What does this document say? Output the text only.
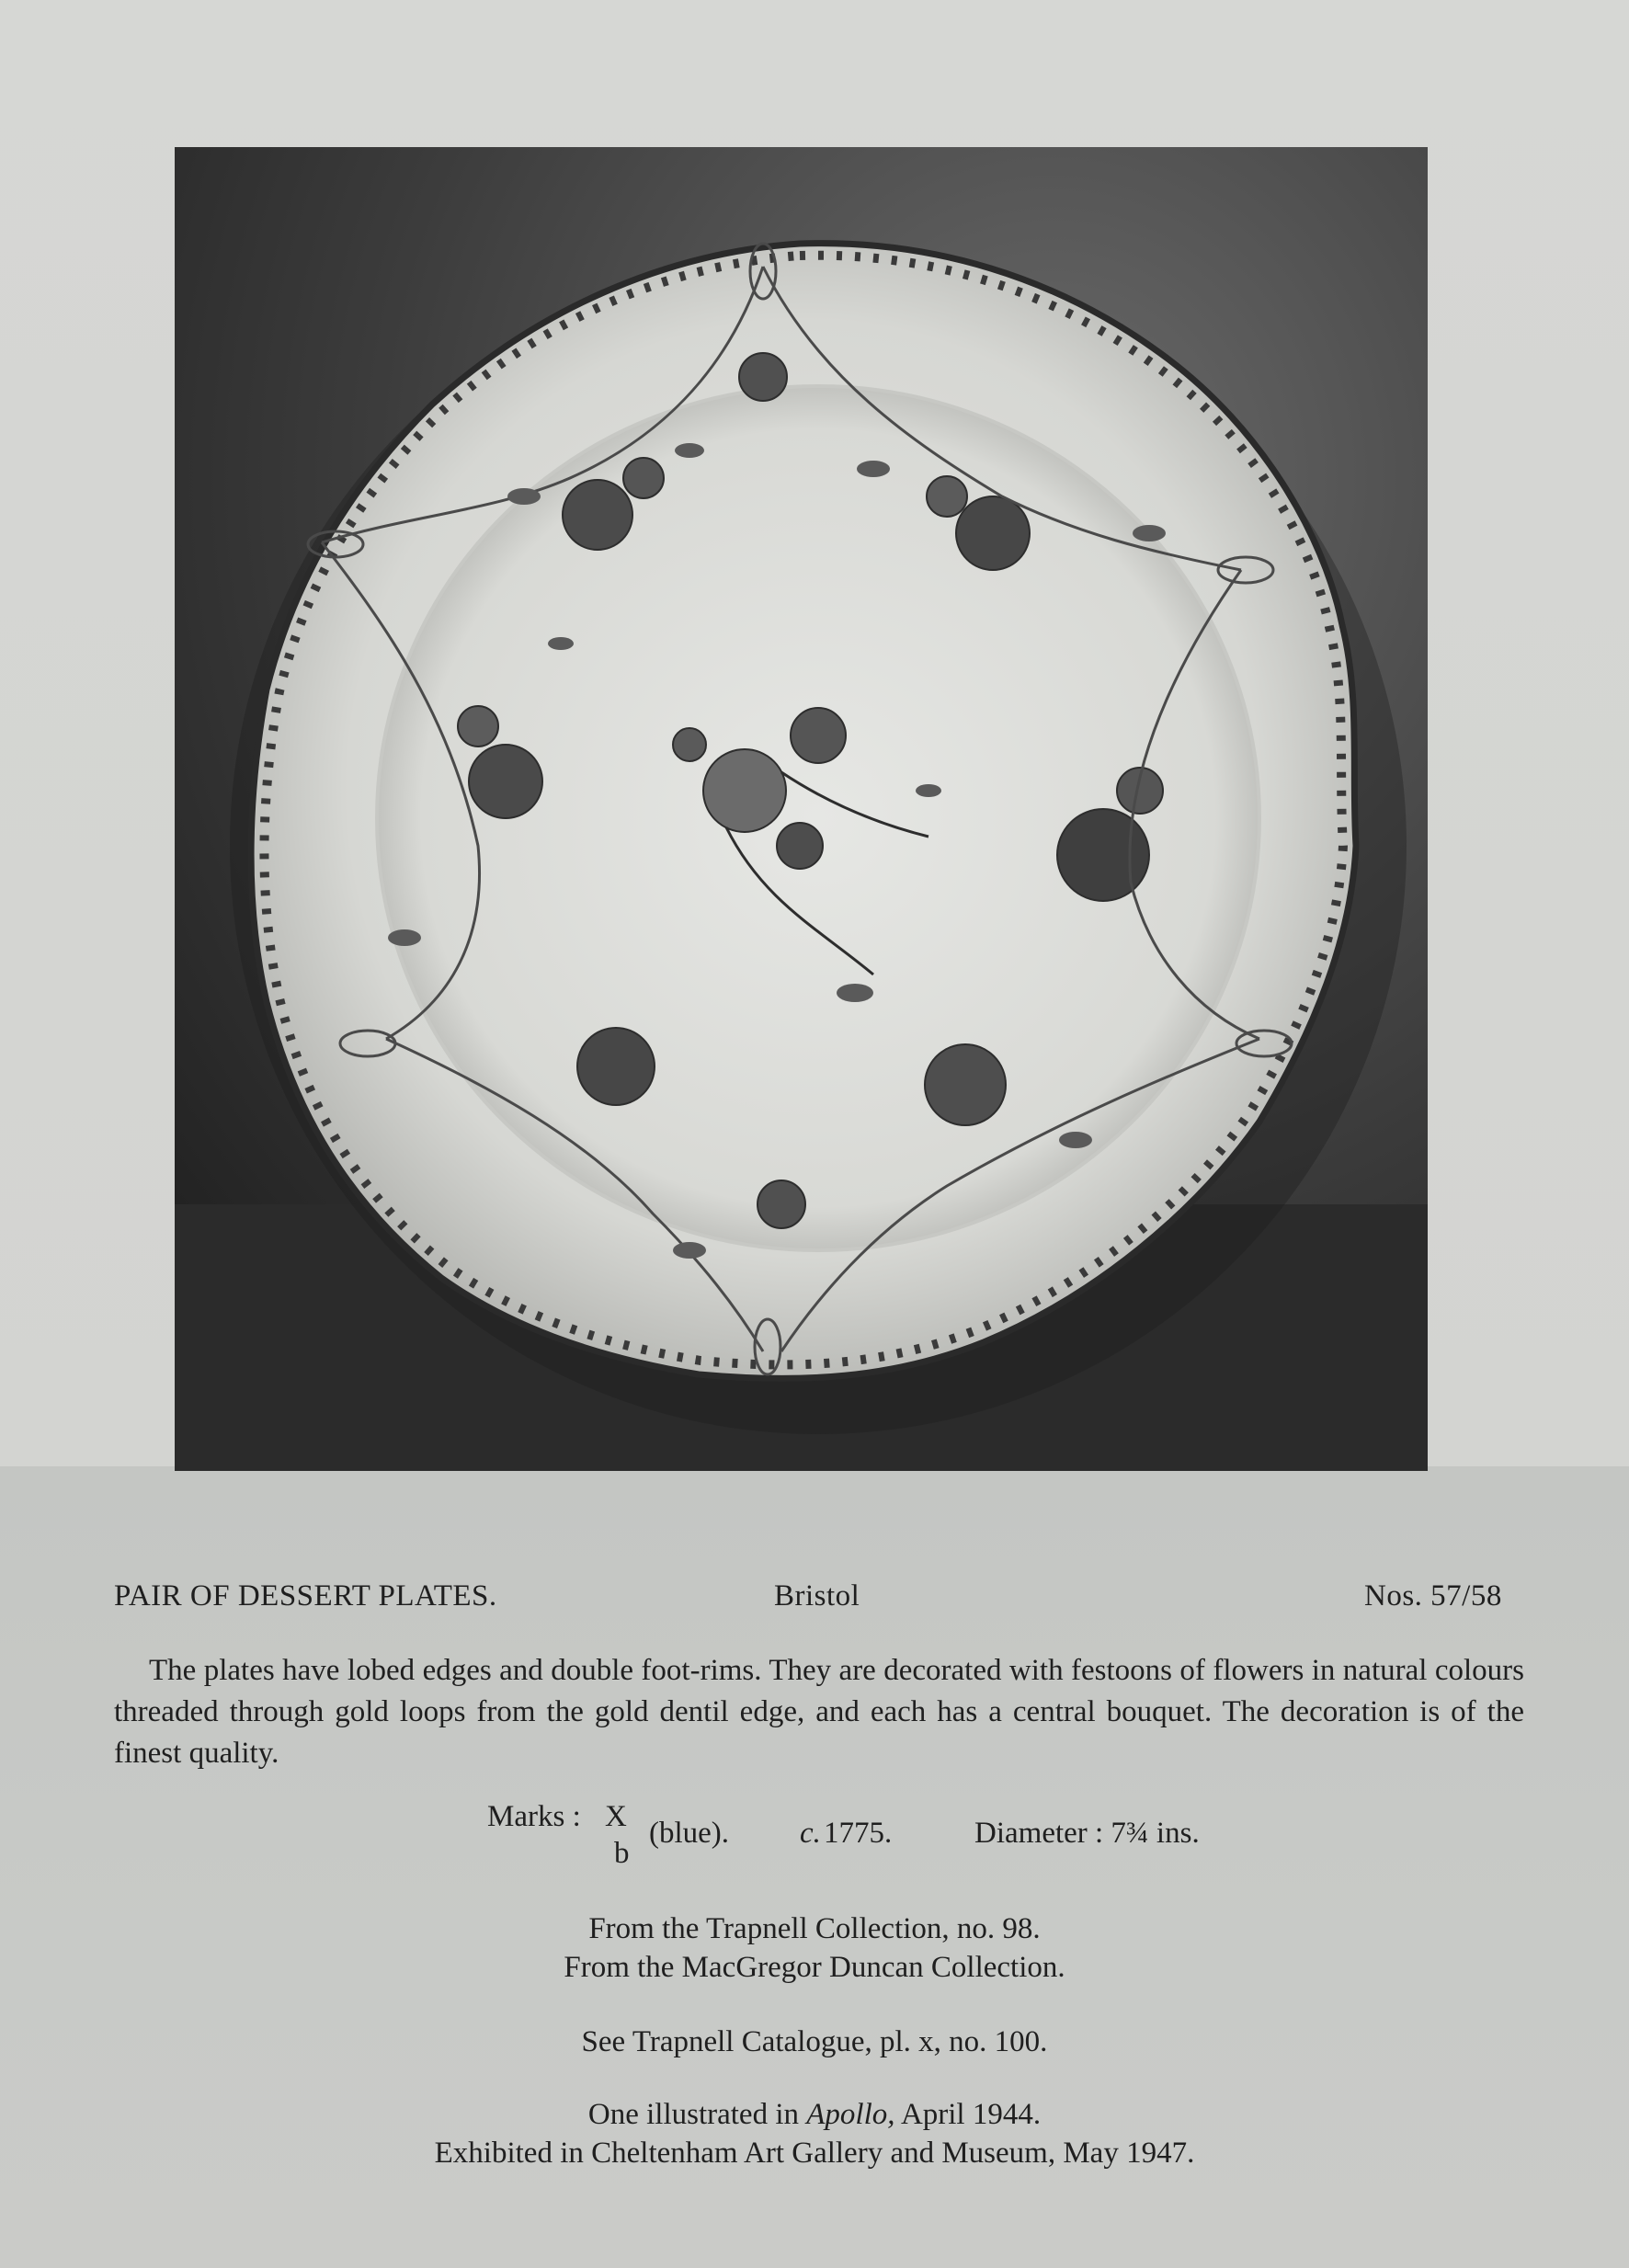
PAIR OF DESSERT PLATES.	Bristol	Nos. 57/58
The plates have lobed edges and double foot-rims. They are decorated with festoons of flowers in natural colours threaded through gold loops from the gold dentil edge, and each has a central bouquet. The decoration is of the finest quality.
Marks : X
b
(blue). c. 1775.	Diameter : 7¾ ins.
From the Trapnell Collection, no. 98.
From the MacGregor Duncan Collection.
See Trapnell Catalogue, pl. x, no. 100.
One illustrated in Apollo, April 1944.
Exhibited in Cheltenham Art Gallery and Museum, May 1947.
